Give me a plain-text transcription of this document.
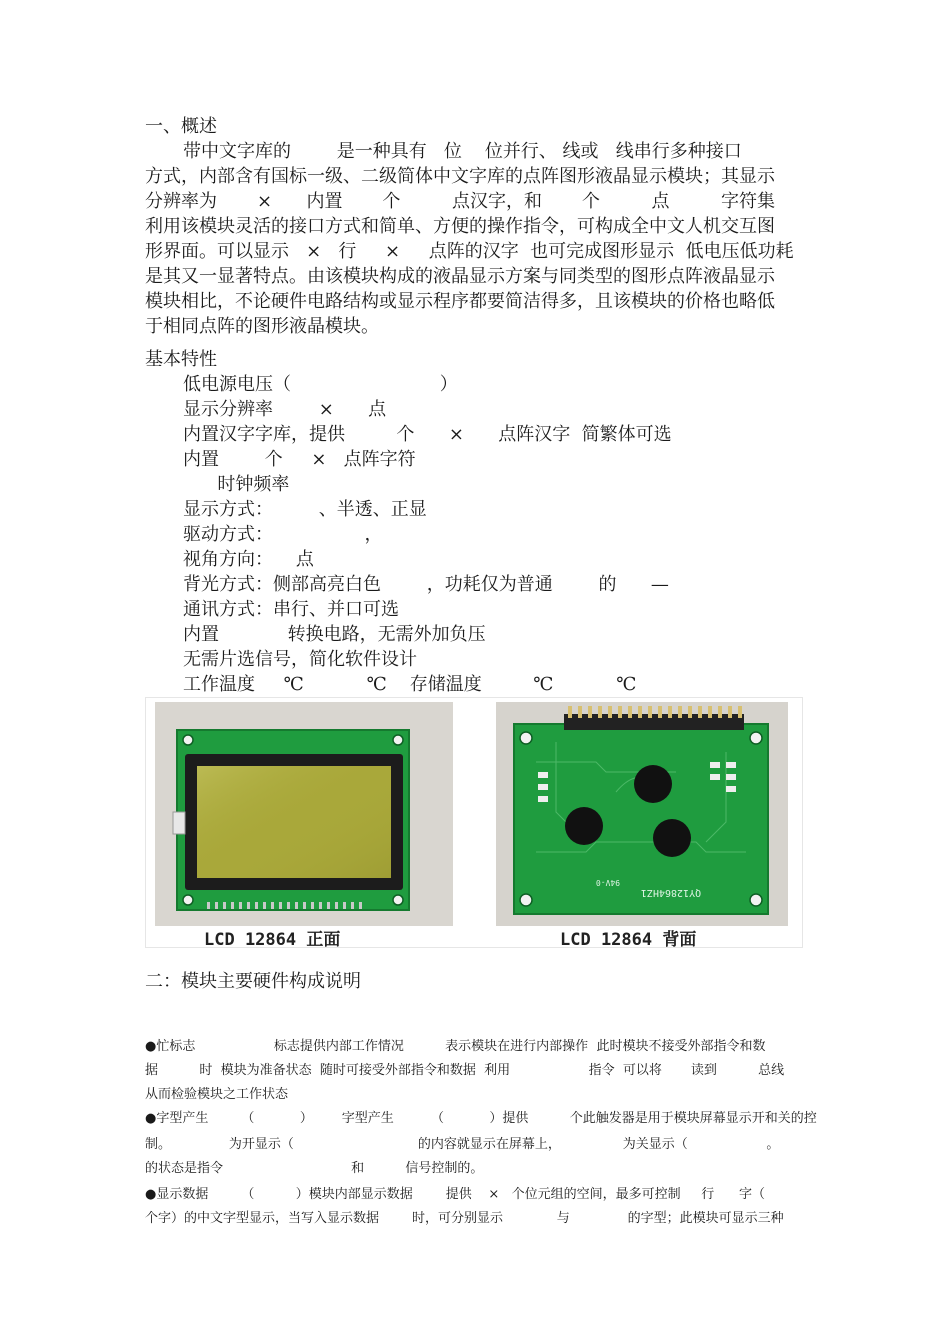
一、概述
带中文字库的        是一种具有   位    位并行、 线或   线串行多种接口
方式，内部含有国标一级、二级简体中文字库的点阵图形液晶显示模块；其显示
分辨率为       ×      内置       个         点汉字，和       个         点         字符集
利用该模块灵活的接口方式和简单、方便的操作指令，可构成全中文人机交互图
形界面。可以显示   ×   行     ×     点阵的汉字  也可完成图形显示  低电压低功耗
是其又一显著特点。由该模块构成的液晶显示方案与同类型的图形点阵液晶显示
模块相比，不论硬件电路结构或显示程序都要简洁得多，且该模块的价格也略低
于相同点阵的图形液晶模块。
基本特性
低电源电压（                          ）
显示分辨率        ×      点
内置汉字字库，提供         个      ×      点阵汉字  简繁体可选
内置        个     ×   点阵字符
时钟频率
显示方式：        、半透、正显
驱动方式：                ，
视角方向：    点
背光方式：侧部高亮白色        ，功耗仅为普通        的      —
通讯方式：串行、并口可选
内置            转换电路，无需外加负压
无需片选信号，简化软件设计
工作温度     ℃           ℃    存储温度         ℃           ℃
QY12864HZ1
94V-0
LCD 12864 正面	LCD 12864 背面
二：模块主要硬件构成说明
●忙标志                   标志提供内部工作情况          表示模块在进行内部操作  此时模块不接受外部指令和数
据          时  模块为准备状态  随时可接受外部指令和数据  利用                   指令  可以将       读到          总线
从而检验模块之工作状态
●字型产生        （           ）       字型产生         （           ）提供          个此触发器是用于模块屏幕显示开和关的控
制。              为开显示（                              的内容就显示在屏幕上，               为关显示（                   。
的状态是指令                               和          信号控制的。
●显示数据        （          ）模块内部显示数据        提供    ×   个位元组的空间，最多可控制     行      字（
个字）的中文字型显示，当写入显示数据        时，可分别显示             与              的字型；此模块可显示三种
